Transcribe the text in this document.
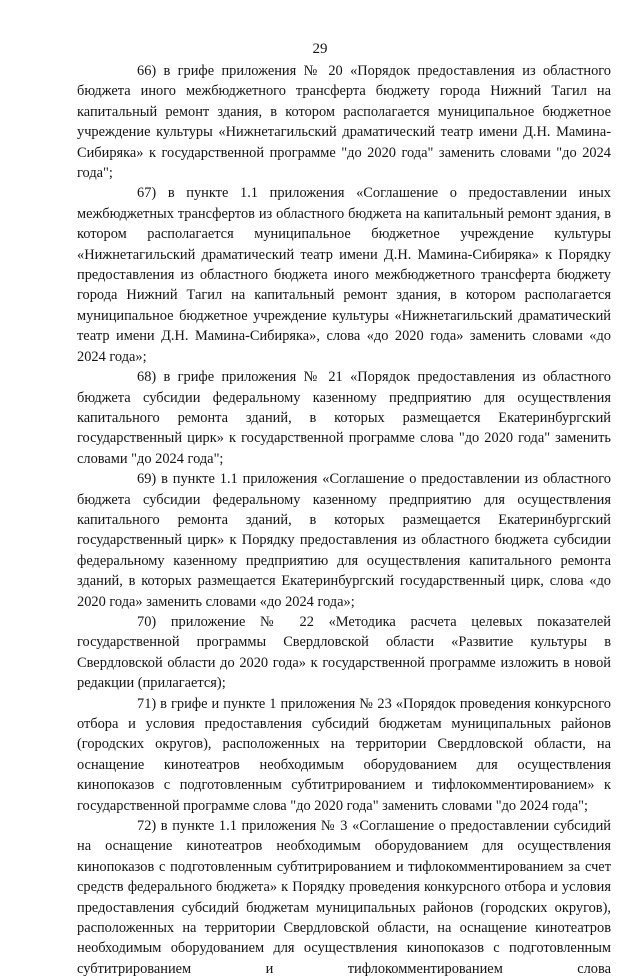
29

66) в грифе приложения № 20 «Порядок предоставления из областного бюджета иного межбюджетного трансферта бюджету города Нижний Тагил на капитальный ремонт здания, в котором располагается муниципальное бюджетное учреждение культуры «Нижнетагильский драматический театр имени Д.Н. Мамина-Сибиряка» к государственной программе "до 2020 года" заменить словами "до 2024 года";

67) в пункте 1.1 приложения «Соглашение о предоставлении иных межбюджетных трансфертов из областного бюджета на капитальный ремонт здания, в котором располагается муниципальное бюджетное учреждение культуры «Нижнетагильский драматический театр имени Д.Н. Мамина-Сибиряка» к Порядку предоставления из областного бюджета иного межбюджетного трансферта бюджету города Нижний Тагил на капитальный ремонт здания, в котором располагается муниципальное бюджетное учреждение культуры «Нижнетагильский драматический театр имени Д.Н. Мамина-Сибиряка», слова «до 2020 года» заменить словами «до 2024 года»;

68) в грифе приложения № 21 «Порядок предоставления из областного бюджета субсидии федеральному казенному предприятию для осуществления капитального ремонта зданий, в которых размещается Екатеринбургский государственный цирк» к государственной программе слова "до 2020 года" заменить словами "до 2024 года";

69) в пункте 1.1 приложения «Соглашение о предоставлении из областного бюджета субсидии федеральному казенному предприятию для осуществления капитального ремонта зданий, в которых размещается Екатеринбургский государственный цирк» к Порядку предоставления из областного бюджета субсидии федеральному казенному предприятию для осуществления капитального ремонта зданий, в которых размещается Екатеринбургский государственный цирк, слова «до 2020 года» заменить словами «до 2024 года»;

70) приложение № 22 «Методика расчета целевых показателей государственной программы Свердловской области «Развитие культуры в Свердловской области до 2020 года» к государственной программе изложить в новой редакции (прилагается);

71) в грифе и пункте 1 приложения № 23 «Порядок проведения конкурсного отбора и условия предоставления субсидий бюджетам муниципальных районов (городских округов), расположенных на территории Свердловской области, на оснащение кинотеатров необходимым оборудованием для осуществления кинопоказов с подготовленным субтитрированием и тифлокомментированием» к государственной программе слова "до 2020 года" заменить словами "до 2024 года";

72) в пункте 1.1 приложения № 3 «Соглашение о предоставлении субсидий на оснащение кинотеатров необходимым оборудованием для осуществления кинопоказов с подготовленным субтитрированием и тифлокомментированием за счет средств федерального бюджета» к Порядку проведения конкурсного отбора и условия предоставления субсидий бюджетам муниципальных районов (городских округов), расположенных на территории Свердловской области, на оснащение кинотеатров необходимым оборудованием для осуществления кинопоказов с подготовленным субтитрированием и тифлокомментированием слова
